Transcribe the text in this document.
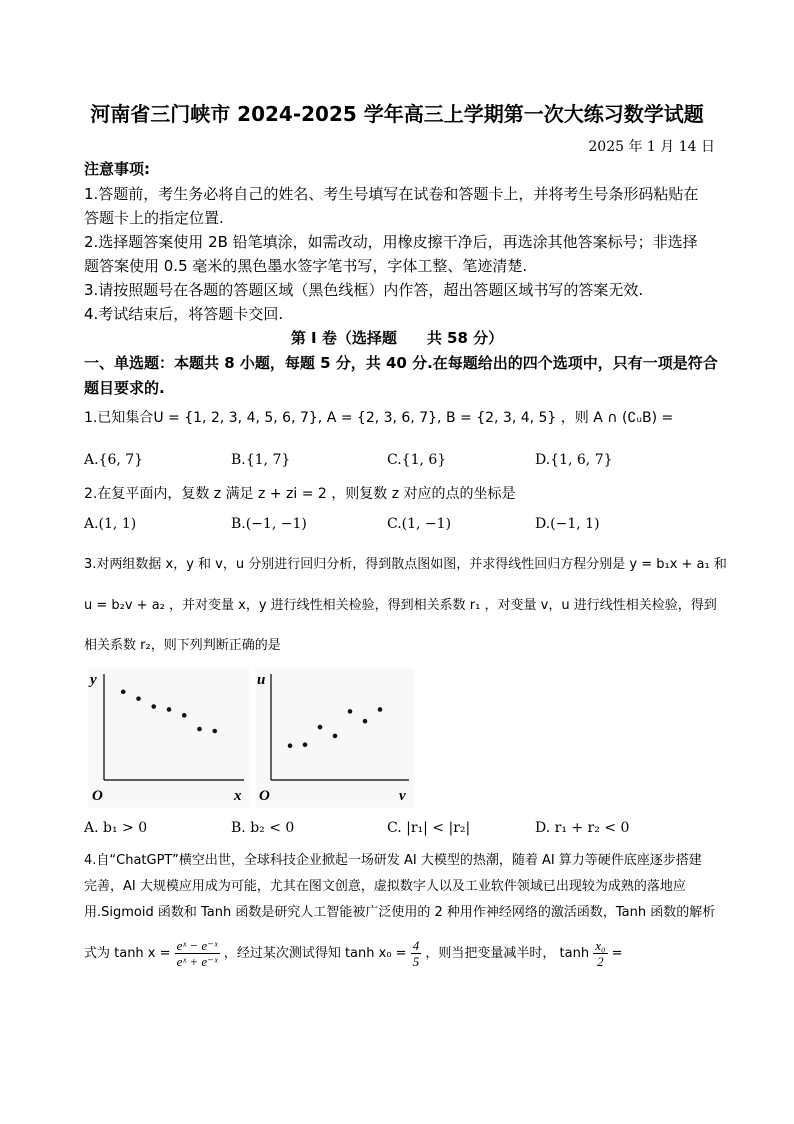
河南省三门峡市 2024-2025 学年高三上学期第一次大练习数学试题
2025 年 1 月 14 日
注意事项:
1.答题前，考生务必将自己的姓名、考生号填写在试卷和答题卡上，并将考生号条形码粘贴在
答题卡上的指定位置.
2.选择题答案使用 2B 铅笔填涂，如需改动，用橡皮擦干净后，再选涂其他答案标号；非选择
题答案使用 0.5 毫米的黑色墨水签字笔书写，字体工整、笔迹清楚.
3.请按照题号在各题的答题区域（黑色线框）内作答，超出答题区域书写的答案无效.
4.考试结束后，将答题卡交回.
第 I 卷（选择题　　共 58 分）
一、单选题：本题共 8 小题，每题 5 分，共 40 分.在每题给出的四个选项中，只有一项是符合
题目要求的.
1.已知集合U = {1, 2, 3, 4, 5, 6, 7}, A = {2, 3, 6, 7}, B = {2, 3, 4, 5} ，则 A ∩ (∁ᵤB) =
A.{6, 7}	B.{1, 7}	C.{1, 6}	D.{1, 6, 7}
2.在复平面内，复数 z 满足 z + zi = 2 ，则复数 z 对应的点的坐标是
A.(1, 1)	B.(−1, −1)	C.(1, −1)	D.(−1, 1)
3.对两组数据 x，y 和 v，u 分别进行回归分析，得到散点图如图，并求得线性回归方程分别是 y = b₁x + a₁ 和
u = b₂v + a₂ ，并对变量 x，y 进行线性相关检验，得到相关系数 r₁ ，对变量 v，u 进行线性相关检验，得到
相关系数 r₂，则下列判断正确的是
x
y
O	v
u
O
A. b₁ > 0	B. b₂ < 0	C. |r₁| < |r₂|	D. r₁ + r₂ < 0
4.自“ChatGPT”横空出世，全球科技企业掀起一场研发 AI 大模型的热潮，随着 AI 算力等硬件底座逐步搭建
完善，AI 大规模应用成为可能，尤其在图文创意，虚拟数字人以及工业软件领域已出现较为成熟的落地应
用.Sigmoid 函数和 Tanh 函数是研究人工智能被广泛使用的 2 种用作神经网络的激活函数，Tanh 函数的解析
式为 $\tanh x = \frac{\text{eˣ − e⁻ˣ}}{\text{eˣ + e⁻ˣ}}$ ，经过某次测试得知 $\tanh x_0 = \frac{4}{5}$ ，则当把变量减半时， $\tanh \frac{\text{x₀}}{2}$ =
